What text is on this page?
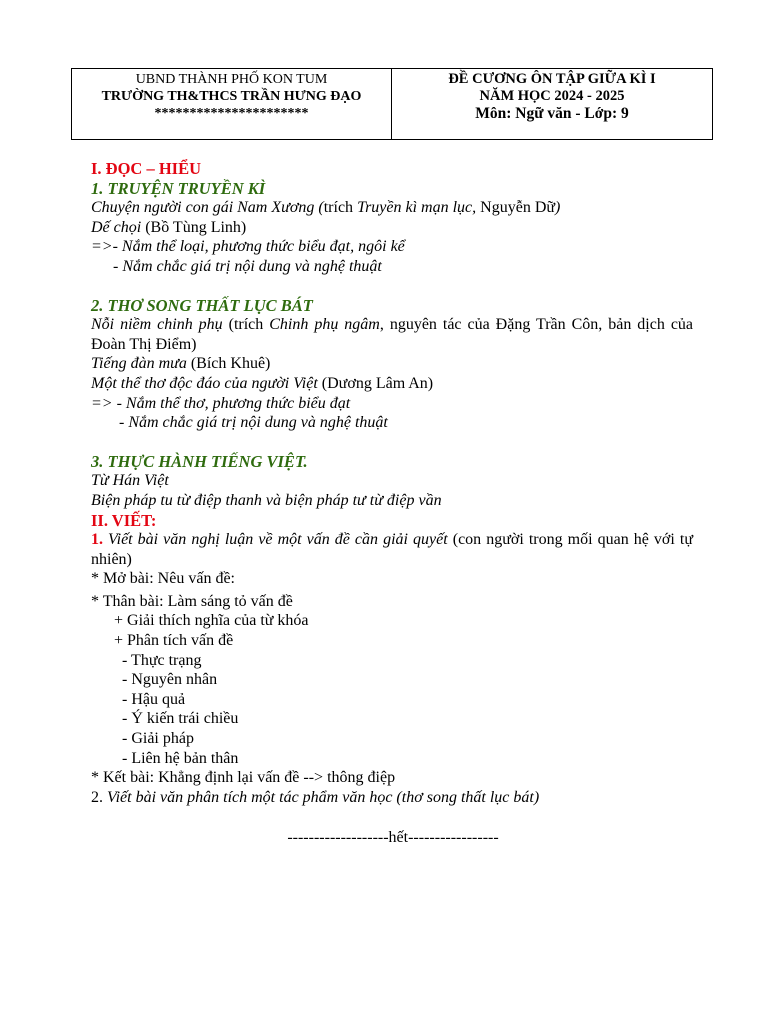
UBND THÀNH PHỐ KON TUM
TRƯỜNG TH&THCS TRẦN HƯNG ĐẠO
**********************
ĐỀ CƯƠNG ÔN TẬP GIỮA KÌ I
NĂM HỌC 2024 - 2025
Môn: Ngữ văn - Lớp: 9
I. ĐỌC – HIỂU
1. TRUYỆN TRUYỀN KÌ
Chuyện người con gái Nam Xương (trích Truyền kì mạn lục, Nguyễn Dữ)
Dế chọi (Bồ Tùng Linh)
=>- Nắm thể loại, phương thức biểu đạt, ngôi kể
- Nắm chắc giá trị nội dung và nghệ thuật
2. THƠ SONG THẤT LỤC BÁT
Nỗi niềm chinh phụ (trích Chinh phụ ngâm, nguyên tác của Đặng Trần Côn, bản dịch của Đoàn Thị Điểm)
Tiếng đàn mưa (Bích Khuê)
Một thể thơ độc đáo của người Việt (Dương Lâm An)
=> - Nắm thể thơ, phương thức biểu đạt
- Nắm chắc giá trị nội dung và nghệ thuật
3. THỰC HÀNH TIẾNG VIỆT.
Từ Hán Việt
Biện pháp tu từ điệp thanh và biện pháp tư từ điệp vần
II. VIẾT:
1. Viết bài văn nghị luận về một vấn đề cần giải quyết (con người trong mối quan hệ với tự nhiên)
* Mở bài: Nêu vấn đề:
* Thân bài: Làm sáng tỏ vấn đề
+ Giải thích nghĩa của từ khóa
+ Phân tích vấn đề
- Thực trạng
- Nguyên nhân
- Hậu quả
- Ý kiến trái chiều
- Giải pháp
- Liên hệ bản thân
* Kết bài: Khẳng định lại vấn đề --> thông điệp
2. Viết bài văn phân tích một tác phẩm văn học (thơ song thất lục bát)
-------------------hết-----------------
